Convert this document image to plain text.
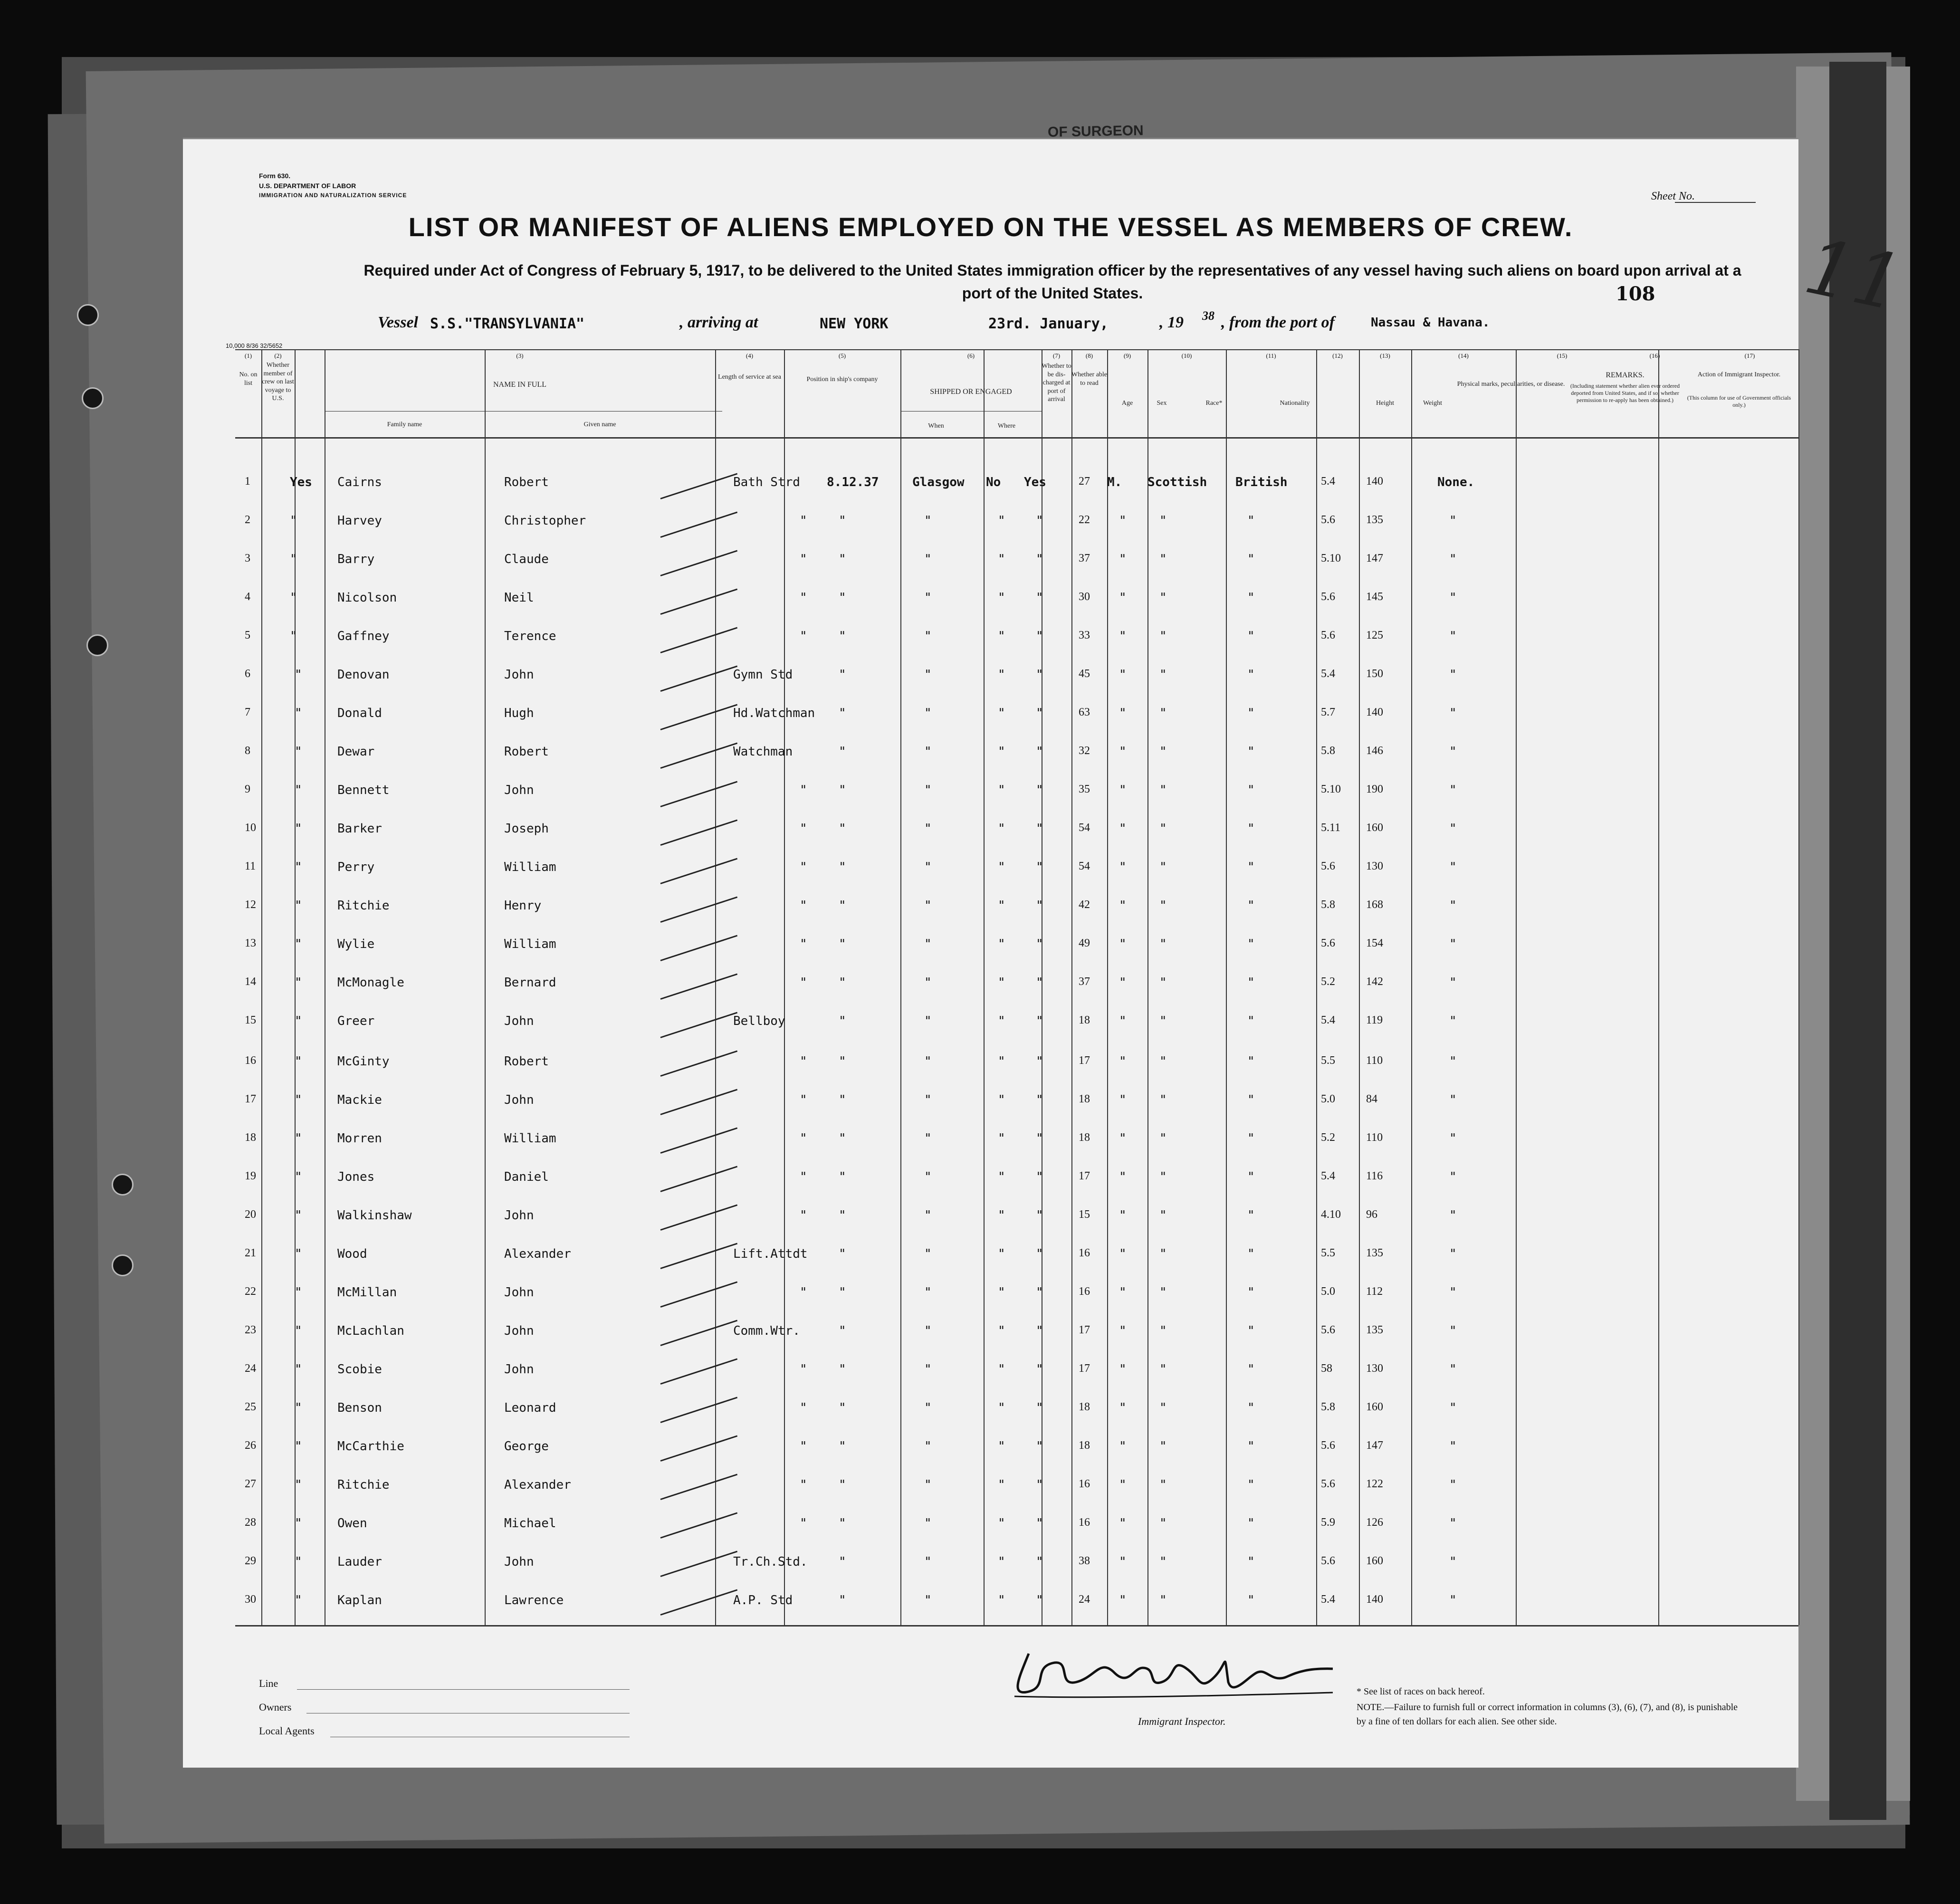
OF SURGEON
Form 630.
U.S. DEPARTMENT OF LABOR
IMMIGRATION AND NATURALIZATION SERVICE	Sheet No.
11
LIST OR MANIFEST OF ALIENS EMPLOYED ON THE VESSEL AS MEMBERS OF CREW.
Required under Act of Congress of February 5, 1917, to be delivered to the United States immigration officer by the representatives of any vessel having such aliens on board upon arrival at a port of the United States.	108
Vessel S.S."TRANSYLVANIA"	, arriving at	NEW YORK	23rd. January,	, 19 38 , from the port of	Nassau & Havana.
10,000 8/36 32/5652
(1)	(2)	(3)	(4)	(5)	(6)	(7)	(8)	(9)	(10)	(11)	(12)	(13)	(14)	(15)	(16)	(17)
No. on list
Whether member of crew on last voyage to U.S.
NAME IN FULL
Family name	Given name
Length of service at sea	Position in ship's company
SHIPPED OR ENGAGED
When	Where
Whether to be dis-charged at port of arrival
Whether able to read
Age	Sex	Race*	Nationality	Height	Weight
Physical marks, peculiarities, or disease.
REMARKS.
(Including statement whether alien ever ordered deported from United States, and if so, whether permission to re-apply has been obtained.)
Action of Immigrant Inspector.
(This column for use of Government officials only.)
1	Yes Cairns	Robert	Bath Strd 8.12.37	Glasgow No Yes	27 M. Scottish British	5.4	140	None.
2	"	Harvey	Christopher	"	"	"	" "	22 "	"	"	5.6	135	"
3	"	Barry	Claude	"	"	"	" "	37 "	"	"	5.10 147	"
4	"	Nicolson	Neil	"	"	"	" "	30 "	"	"	5.6	145	"
5	"	Gaffney	Terence	"	"	"	" "	33 "	"	"	5.6	125	"
6	"	Denovan	John	Gymn Std	"	"	" "	45 "	"	"	5.4	150	"
7	"	Donald	Hugh	Hd.Watchman "	"	" "	63 "	"	"	5.7	140	"
8	"	Dewar	Robert	Watchman	"	"	" "	32 "	"	"	5.8	146	"
9	"	Bennett	John	"	"	"	" "	35 "	"	"	5.10 190	"
10	"	Barker	Joseph	"	"	"	" "	54 "	"	"	5.11 160	"
11	"	Perry	William	"	"	"	" "	54 "	"	"	5.6	130	"
12	"	Ritchie	Henry	"	"	"	" "	42 "	"	"	5.8	168	"
13	"	Wylie	William	"	"	"	" "	49 "	"	"	5.6	154	"
14	"	McMonagle	Bernard	"	"	"	" "	37 "	"	"	5.2	142	"
15	"	Greer	John	Bellboy	"	"	" "	18 "	"	"	5.4	119	"
16	"	McGinty	Robert	"	"	"	" "	17 "	"	"	5.5	110	"
17	"	Mackie	John	"	"	"	" "	18 "	"	"	5.0	84	"
18	"	Morren	William	"	"	"	" "	18 "	"	"	5.2	110	"
19	"	Jones	Daniel	"	"	"	" "	17 "	"	"	5.4	116	"
20	"	Walkinshaw	John	"	"	"	" "	15 "	"	"	4.10 96	"
21	"	Wood	Alexander	Lift.Attdt	"	"	" "	16 "	"	"	5.5	135	"
22	"	McMillan	John	"	"	"	" "	16 "	"	"	5.0	112	"
23	"	McLachlan	John	Comm.Wtr.	"	"	" "	17 "	"	"	5.6	135	"
24	"	Scobie	John	"	"	"	" "	17 "	"	"	58	130	"
25	"	Benson	Leonard	"	"	"	" "	18 "	"	"	5.8	160	"
26	"	McCarthie	George	"	"	"	" "	18 "	"	"	5.6	147	"
27	"	Ritchie	Alexander	"	"	"	" "	16 "	"	"	5.6	122	"
28	"	Owen	Michael	"	"	"	" "	16 "	"	"	5.9	126	"
29	"	Lauder	John	Tr.Ch.Std.	"	"	" "	38 "	"	"	5.6	160	"
30	"	Kaplan	Lawrence	A.P. Std	"	"	" "	24 "	"	"	5.4	140	"
Line
Owners
Local Agents
Immigrant Inspector.
* See list of races on back hereof.
NOTE.—Failure to furnish full or correct information in columns (3), (6), (7), and (8), is punishable by a fine of ten dollars for each alien. See other side.
